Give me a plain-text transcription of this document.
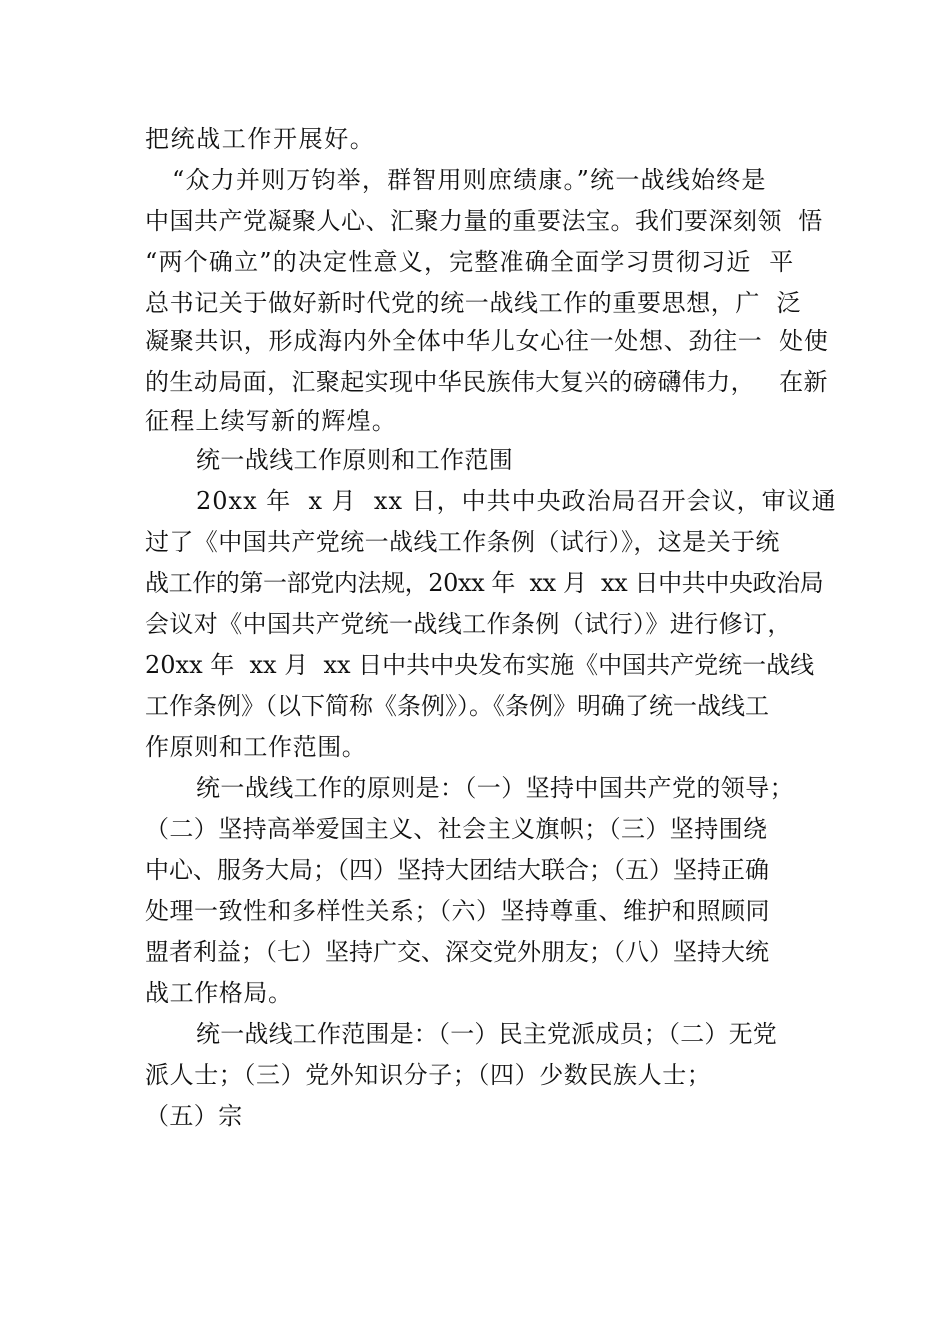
把统战工作开展好。
“众力并则万钧举，群智用则庶绩康。”统一战线始终是
中国共产党凝聚人心、汇聚力量的重要法宝。我们要深刻领  悟
“两个确立”的决定性意义，完整准确全面学习贯彻习近  平
总书记关于做好新时代党的统一战线工作的重要思想，广  泛
凝聚共识，形成海内外全体中华儿女心往一处想、劲往一  处使
的生动局面，汇聚起实现中华民族伟大复兴的磅礴伟力，   在新
征程上续写新的辉煌。
统一战线工作原则和工作范围
20xx 年  x 月  xx 日，中共中央政治局召开会议，审议通
过了《中国共产党统一战线工作条例（试行）》，这是关于统
战工作的第一部党内法规，20xx 年  xx 月  xx 日中共中央政治局
会议对《中国共产党统一战线工作条例（试行）》进行修订，
20xx 年  xx 月  xx 日中共中央发布实施《中国共产党统一战线
工作条例》（以下简称《条例》）。《条例》明确了统一战线工
作原则和工作范围。
统一战线工作的原则是：（一）坚持中国共产党的领导；
（二）坚持高举爱国主义、社会主义旗帜；（三）坚持围绕
中心、服务大局；（四）坚持大团结大联合；（五）坚持正确
处理一致性和多样性关系；（六）坚持尊重、维护和照顾同
盟者利益；（七）坚持广交、深交党外朋友；（八）坚持大统
战工作格局。
统一战线工作范围是：（一）民主党派成员；（二）无党
派人士；（三）党外知识分子；（四）少数民族人士；
（五）宗
